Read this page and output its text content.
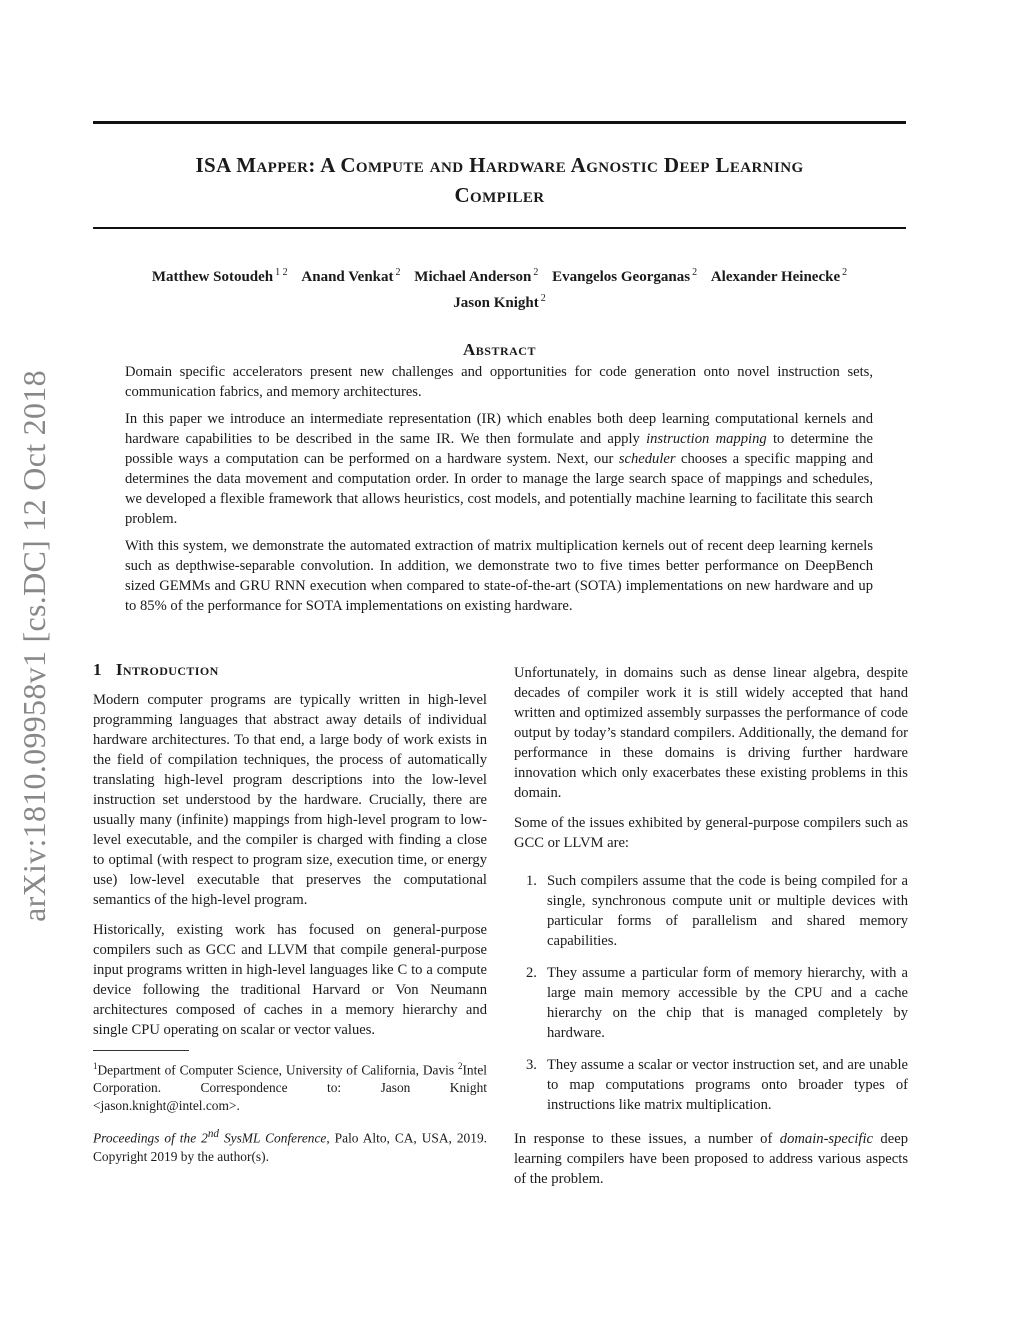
ISA Mapper: A Compute and Hardware Agnostic Deep Learning
Compiler
Matthew Sotoudeh $^{1 2}$ Anand Venkat $^2$ Michael Anderson $^2$ Evangelos Georganas $^2$ Alexander Heinecke $^2$
Jason Knight $^2$
arXiv:1810.09958v1 [cs.DC] 12 Oct 2018
Abstract

Domain specific accelerators present new challenges and opportunities for code generation onto novel instruction sets, communication fabrics, and memory architectures.

In this paper we introduce an intermediate representation (IR) which enables both deep learning computational kernels and hardware capabilities to be described in the same IR. We then formulate and apply instruction mapping to determine the possible ways a computation can be performed on a hardware system. Next, our scheduler chooses a specific mapping and determines the data movement and computation order. In order to manage the large search space of mappings and schedules, we developed a flexible framework that allows heuristics, cost models, and potentially machine learning to facilitate this search problem.

With this system, we demonstrate the automated extraction of matrix multiplication kernels out of recent deep learning kernels such as depthwise-separable convolution. In addition, we demonstrate two to five times better performance on DeepBench sized GEMMs and GRU RNN execution when compared to state-of-the-art (SOTA) implementations on new hardware and up to 85% of the performance for SOTA implementations on existing hardware.

1 Introduction

Modern computer programs are typically written in high-level programming languages that abstract away details of individual hardware architectures. To that end, a large body of work exists in the field of compilation techniques, the process of automatically translating high-level program descriptions into the low-level instruction set understood by the hardware. Crucially, there are usually many (infinite) mappings from high-level program to low-level executable, and the compiler is charged with finding a close to optimal (with respect to program size, execution time, or energy use) low-level executable that preserves the computational semantics of the high-level program.

Historically, existing work has focused on general-purpose compilers such as GCC and LLVM that compile general-purpose input programs written in high-level languages like C to a compute device following the traditional Harvard or Von Neumann architectures composed of caches in a memory hierarchy and single CPU operating on scalar or vector values.

$^1$Department of Computer Science, University of California, Davis $^2$Intel Corporation. Correspondence to: Jason Knight <jason.knight@intel.com>.

Proceedings of the 2nd SysML Conference, Palo Alto, CA, USA, 2019. Copyright 2019 by the author(s).

Unfortunately, in domains such as dense linear algebra, despite decades of compiler work it is still widely accepted that hand written and optimized assembly surpasses the performance of code output by today’s standard compilers. Additionally, the demand for performance in these domains is driving further hardware innovation which only exacerbates these existing problems in this domain.

Some of the issues exhibited by general-purpose compilers such as GCC or LLVM are:

1. Such compilers assume that the code is being compiled for a single, synchronous compute unit or multiple devices with particular forms of parallelism and shared memory capabilities.
2. They assume a particular form of memory hierarchy, with a large main memory accessible by the CPU and a cache hierarchy on the chip that is managed completely by hardware.
3. They assume a scalar or vector instruction set, and are unable to map computations programs onto broader types of instructions like matrix multiplication.

In response to these issues, a number of domain-specific deep learning compilers have been proposed to address various aspects of the problem.
